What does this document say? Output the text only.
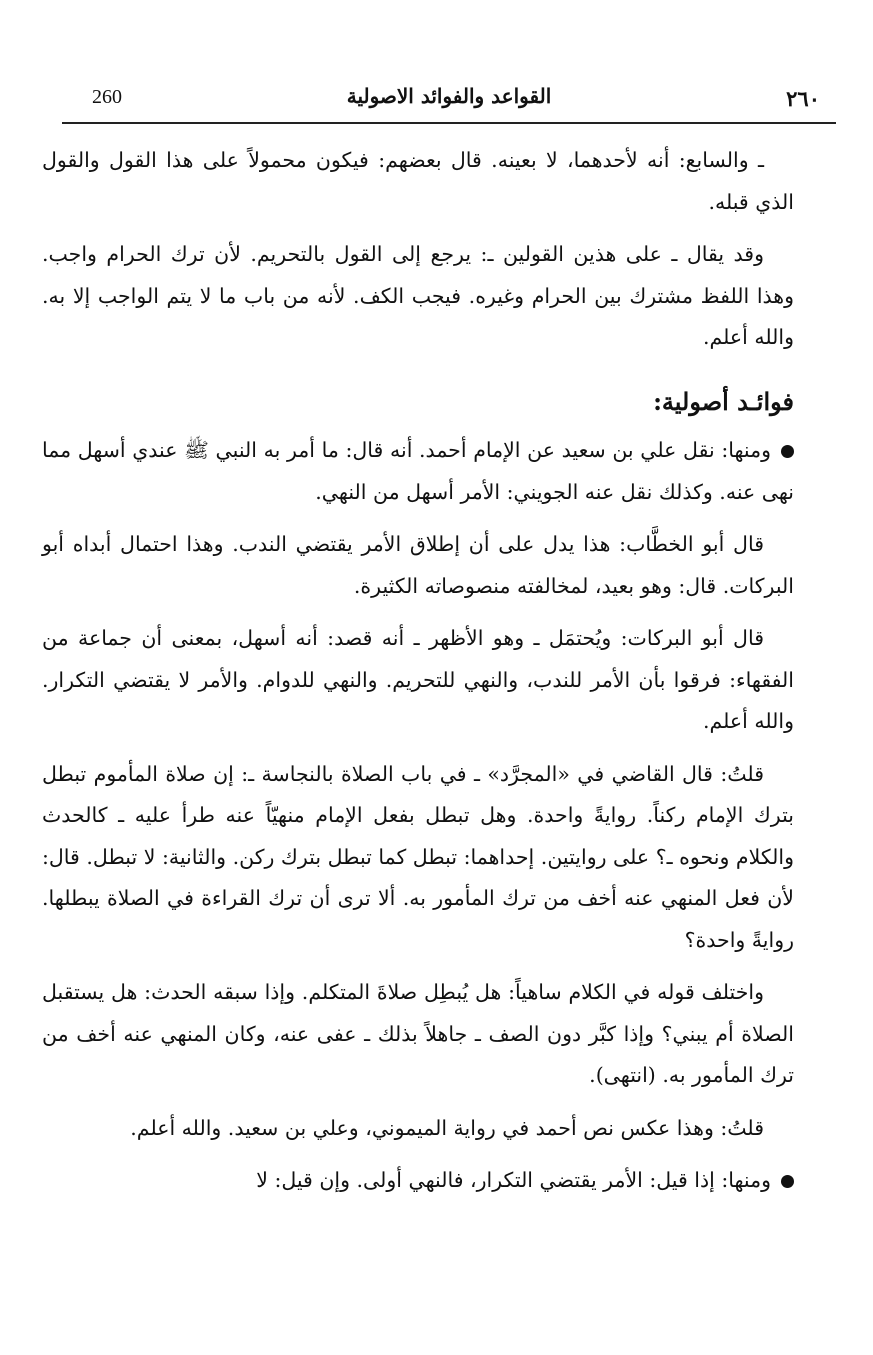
260	القواعد والفوائد الاصولية	٢٦٠

ـ والسابع: أنه لأحدهما، لا بعينه. قال بعضهم: فيكون محمولاً على هذا القول والقول الذي قبله.

وقد يقال ـ على هذين القولين ـ: يرجع إلى القول بالتحريم. لأن ترك الحرام واجب. وهذا اللفظ مشترك بين الحرام وغيره. فيجب الكف. لأنه من باب ما لا يتم الواجب إلا به. والله أعلم.

فوائـد أصولية:

ومنها: نقل علي بن سعيد عن الإمام أحمد. أنه قال: ما أمر به النبي ﷺ عندي أسهل مما نهى عنه. وكذلك نقل عنه الجويني: الأمر أسهل من النهي.

قال أبو الخطَّاب: هذا يدل على أن إطلاق الأمر يقتضي الندب. وهذا احتمال أبداه أبو البركات. قال: وهو بعيد، لمخالفته منصوصاته الكثيرة.

قال أبو البركات: ويُحتمَل ـ وهو الأظهر ـ أنه قصد: أنه أسهل، بمعنى أن جماعة من الفقهاء: فرقوا بأن الأمر للندب، والنهي للتحريم. والنهي للدوام. والأمر لا يقتضي التكرار. والله أعلم.

قلتُ: قال القاضي في «المجرَّد» ـ في باب الصلاة بالنجاسة ـ: إن صلاة المأموم تبطل بترك الإمام ركناً. روايةً واحدة. وهل تبطل بفعل الإمام منهيّاً عنه طرأ عليه ـ كالحدث والكلام ونحوه ـ؟ على روايتين. إحداهما: تبطل كما تبطل بترك ركن. والثانية: لا تبطل. قال: لأن فعل المنهي عنه أخف من ترك المأمور به. ألا ترى أن ترك القراءة في الصلاة يبطلها. روايةً واحدة؟

واختلف قوله في الكلام ساهياً: هل يُبطِل صلاةَ المتكلم. وإذا سبقه الحدث: هل يستقبل الصلاة أم يبني؟ وإذا كبَّر دون الصف ـ جاهلاً بذلك ـ عفى عنه، وكان المنهي عنه أخف من ترك المأمور به. (انتهى).

قلتُ: وهذا عكس نص أحمد في رواية الميموني، وعلي بن سعيد. والله أعلم.

ومنها: إذا قيل: الأمر يقتضي التكرار، فالنهي أولى. وإن قيل: لا
